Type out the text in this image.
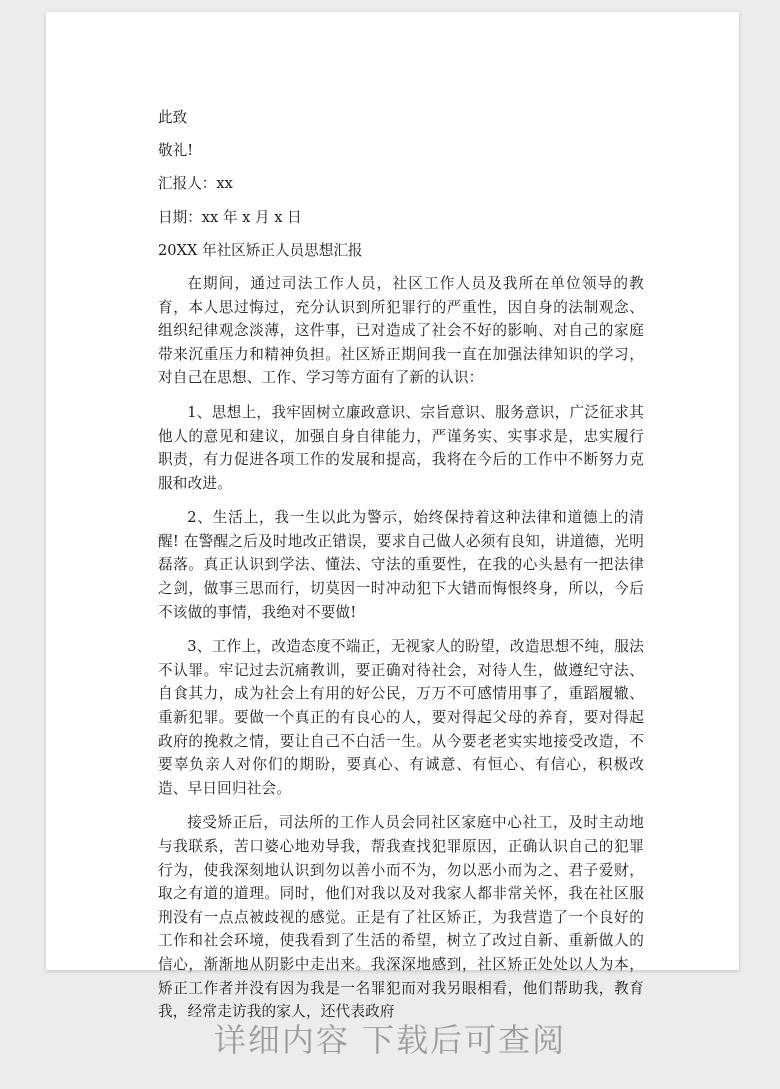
此致
敬礼!
汇报人：xx
日期：xx 年 x 月 x 日
20XX 年社区矫正人员思想汇报

在期间，通过司法工作人员，社区工作人员及我所在单位领导的教育，本人思过悔过，充分认识到所犯罪行的严重性，因自身的法制观念、组织纪律观念淡薄，这件事，已对造成了社会不好的影响、对自己的家庭带来沉重压力和精神负担。社区矫正期间我一直在加强法律知识的学习，对自己在思想、工作、学习等方面有了新的认识：

1、思想上，我牢固树立廉政意识、宗旨意识、服务意识，广泛征求其他人的意见和建议，加强自身自律能力，严谨务实、实事求是，忠实履行职责，有力促进各项工作的发展和提高，我将在今后的工作中不断努力克服和改进。

2、生活上，我一生以此为警示，始终保持着这种法律和道德上的清醒! 在警醒之后及时地改正错误，要求自己做人必须有良知，讲道德，光明磊落。真正认识到学法、懂法、守法的重要性，在我的心头悬有一把法律之剑，做事三思而行，切莫因一时冲动犯下大错而悔恨终身，所以，今后不该做的事情，我绝对不要做!

3、工作上，改造态度不端正，无视家人的盼望，改造思想不纯，服法不认罪。牢记过去沉痛教训，要正确对待社会，对待人生，做遵纪守法、自食其力，成为社会上有用的好公民，万万不可感情用事了，重蹈履辙、重新犯罪。要做一个真正的有良心的人，要对得起父母的养育，要对得起政府的挽救之情，要让自己不白活一生。从今要老老实实地接受改造，不要辜负亲人对你们的期盼，要真心、有诚意、有恒心、有信心，积极改造、早日回归社会。

接受矫正后，司法所的工作人员会同社区家庭中心社工，及时主动地与我联系，苦口婆心地劝导我，帮我查找犯罪原因，正确认识自己的犯罪行为，使我深刻地认识到勿以善小而不为，勿以恶小而为之、君子爱财，取之有道的道理。同时，他们对我以及对我家人都非常关怀，我在社区服刑没有一点点被歧视的感觉。正是有了社区矫正，为我营造了一个良好的工作和社会环境，使我看到了生活的希望，树立了改过自新、重新做人的信心，渐渐地从阴影中走出来。我深深地感到，社区矫正处处以人为本，矫正工作者并没有因为我是一名罪犯而对我另眼相看，他们帮助我，教育我，经常走访我的家人，还代表政府

详细内容 下载后可查阅
